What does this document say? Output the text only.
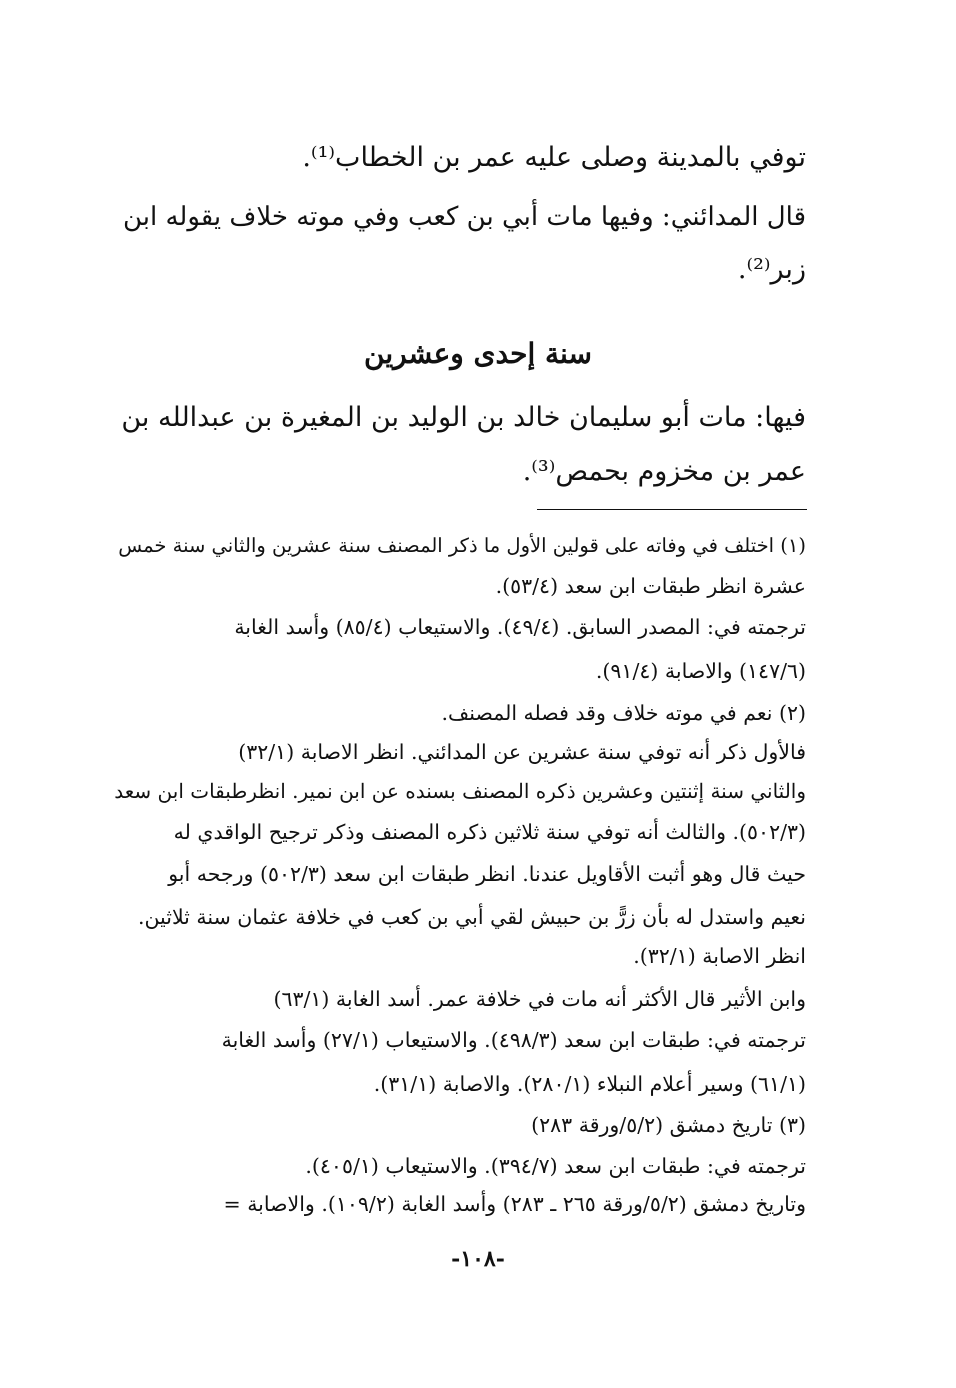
توفي بالمدينة وصلى عليه عمر بن الخطاب⁽¹⁾.

قال المدائني: وفيها مات أبي بن كعب وفي موته خلاف يقوله ابن

زبر⁽²⁾.

سنة إحدى وعشرين

فيها: مات أبو سليمان خالد بن الوليد بن المغيرة بن عبدالله بن

عمر بن مخزوم بحمص⁽³⁾.

(١) اختلف في وفاته على قولين الأول ما ذكر المصنف سنة عشرين والثاني سنة خمس

عشرة انظر طبقات ابن سعد (٥٣/٤).

ترجمته في: المصدر السابق. (٤٩/٤). والاستيعاب (٨٥/٤) وأسد الغابة

(١٤٧/٦) والاصابة (٩١/٤).

(٢) نعم في موته خلاف وقد فصله المصنف.

فالأول ذكر أنه توفي سنة عشرين عن المدائني. انظر الاصابة (٣٢/١)

والثاني سنة إثنتين وعشرين ذكره المصنف بسنده عن ابن نمير. انظرطبقات ابن سعد

(٥٠٢/٣). والثالث أنه توفي سنة ثلاثين ذكره المصنف وذكر ترجيح الواقدي له

حيث قال وهو أثبت الأقاويل عندنا. انظر طبقات ابن سعد (٥٠٢/٣) ورجحه أبو

نعيم واستدل له بأن زرًّ بن حبيش لقي أبي بن كعب في خلافة عثمان سنة ثلاثين.

انظر الاصابة (٣٢/١).

وابن الأثير قال الأكثر أنه مات في خلافة عمر. أسد الغابة (٦٣/١)

ترجمته في: طبقات ابن سعد (٤٩٨/٣). والاستيعاب (٢٧/١) وأسد الغابة

(٦١/١) وسير أعلام النبلاء (٢٨٠/١). والاصابة (٣١/١).

(٣) تاريخ دمشق (٥/٢/ورقة ٢٨٣)

ترجمته في: طبقات ابن سعد (٣٩٤/٧). والاستيعاب (٤٠٥/١).

وتاريخ دمشق (٥/٢/ورقة ٢٦٥ ـ ٢٨٣) وأسد الغابة (١٠٩/٢). والاصابة =

-١٠٨-
